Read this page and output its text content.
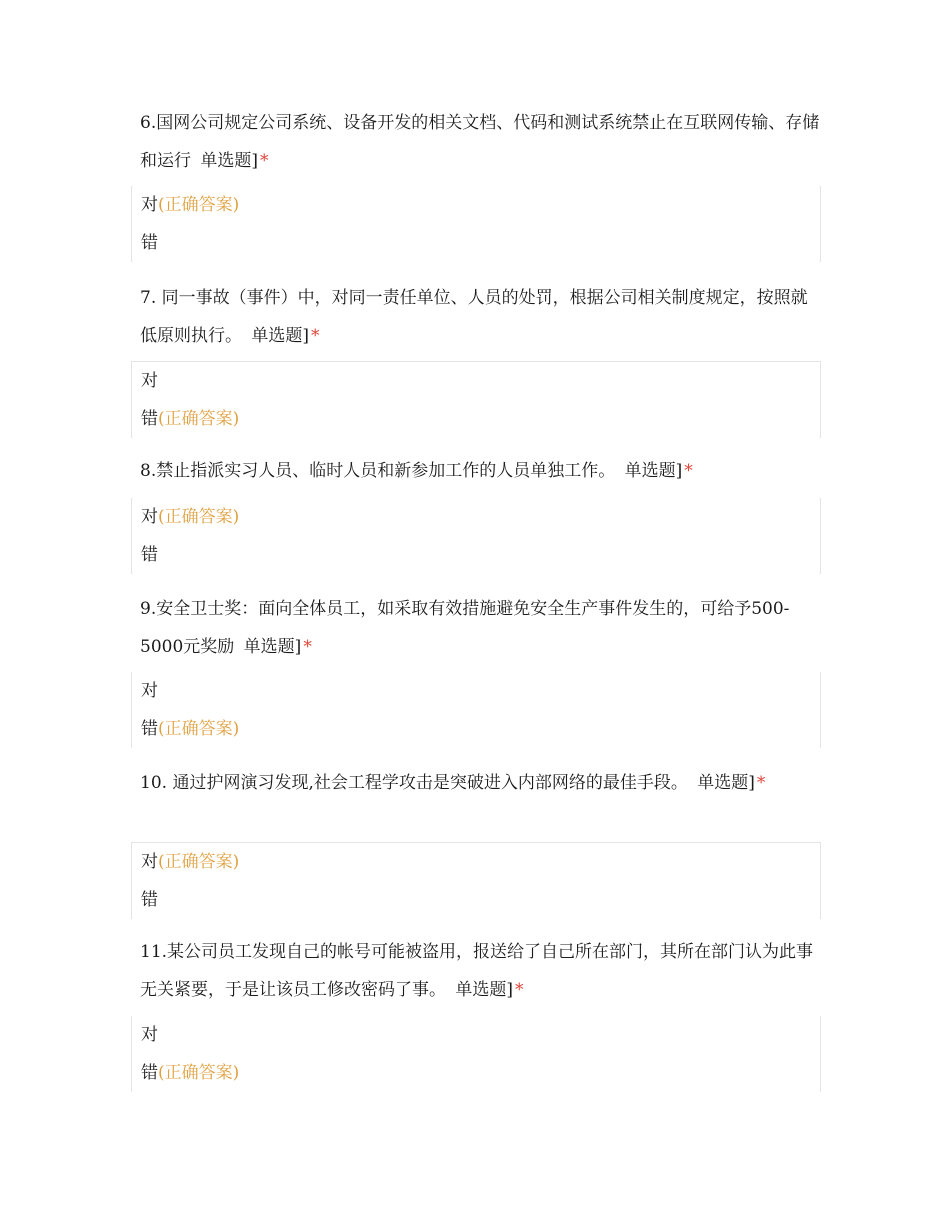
6.国网公司规定公司系统、设备开发的相关文档、代码和测试系统禁止在互联网传输、存储和运行 单选题] *
对(正确答案)
错
7. 同一事故（事件）中，对同一责任单位、人员的处罚，根据公司相关制度规定，按照就低原则执行。 单选题] *
对
错(正确答案)
8.禁止指派实习人员、临时人员和新参加工作的人员单独工作。 单选题] *
对(正确答案)
错
9.安全卫士奖：面向全体员工，如采取有效措施避免安全生产事件发生的，可给予500-5000元奖励 单选题] *
对
错(正确答案)
10. 通过护网演习发现,社会工程学攻击是突破进入内部网络的最佳手段。 单选题] *
对(正确答案)
错
11.某公司员工发现自己的帐号可能被盗用，报送给了自己所在部门，其所在部门认为此事无关紧要，于是让该员工修改密码了事。 单选题] *
对
错(正确答案)
